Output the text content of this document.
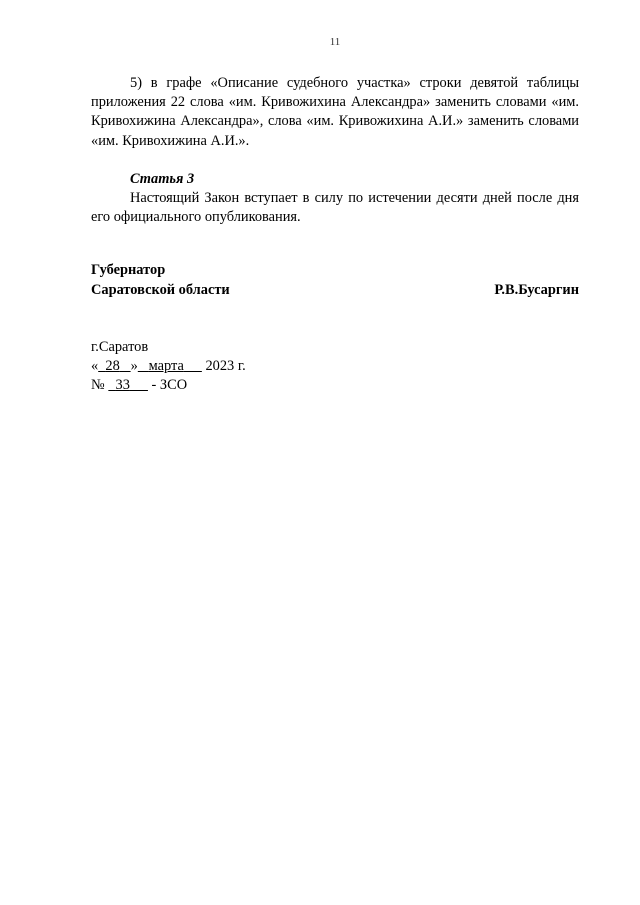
11

5) в графе «Описание судебного участка» строки девятой таблицы приложения 22 слова «им. Кривожихина Александра» заменить словами «им. Кривохижина Александра», слова «им. Кривожихина А.И.» заменить словами «им. Кривохижина А.И.».

Статья 3

Настоящий Закон вступает в силу по истечении десяти дней после дня его официального опубликования.

Губернатор
Саратовской области	Р.В.Бусаргин
г.Саратов
« 28 » марта 2023 г.
№ 33 - ЗСО
